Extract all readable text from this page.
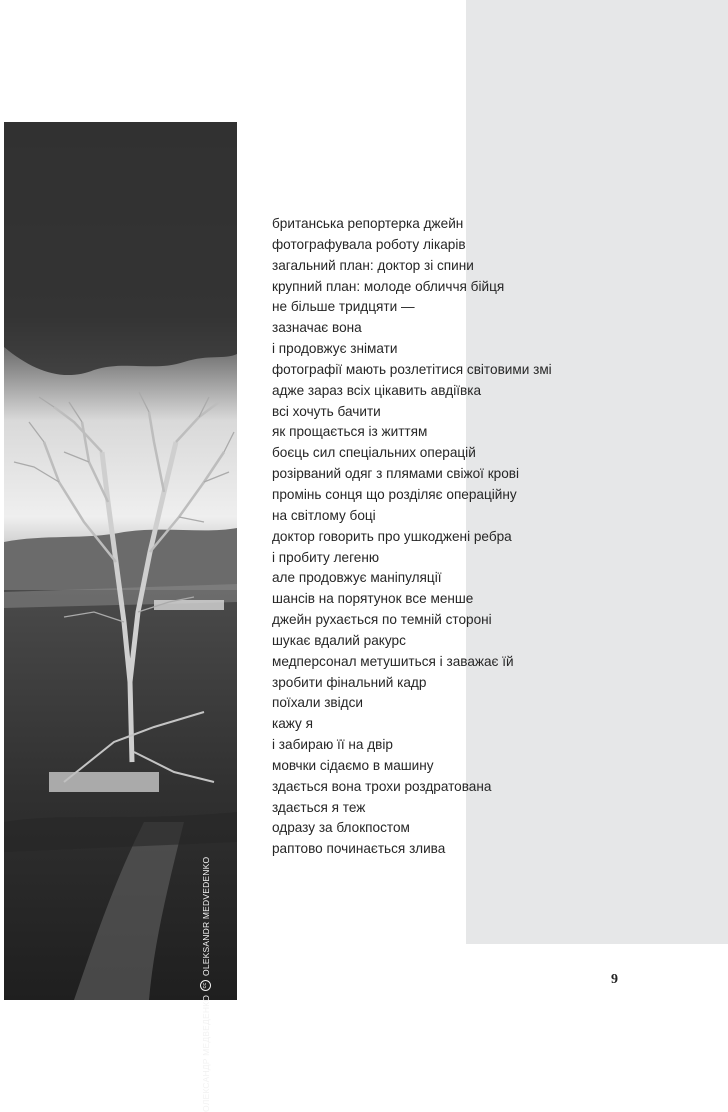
ОЛЕКСАНДР МЕДВЕДЕНКО
cc
OLEKSANDR MEDVEDENKO
британська репортерка джейн
фотографувала роботу лікарів
загальний план: доктор зі спини
крупний план: молоде обличчя бійця
не більше тридцяти —
зазначає вона
і продовжує знімати
фотографії мають розлетітися світовими змі
адже зараз всіх цікавить авдіївка
всі хочуть бачити
як прощається із життям
боєць сил спеціальних операцій
розірваний одяг з плямами свіжої крові
промінь сонця що розділяє операційну
на світлому боці
доктор говорить про ушкоджені ребра
і пробиту легеню
але продовжує маніпуляції
шансів на порятунок все менше
джейн рухається по темній стороні
шукає вдалий ракурс
медперсонал метушиться і заважає їй
зробити фінальний кадр
поїхали звідси
кажу я
і забираю її на двір
мовчки сідаємо в машину
здається вона трохи роздратована
здається я теж
одразу за блокпостом
раптово починається злива
9
